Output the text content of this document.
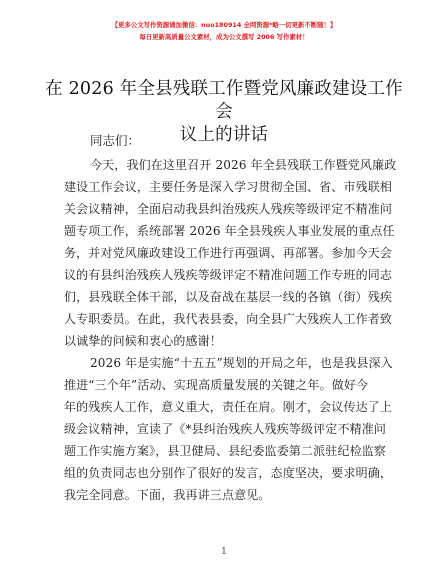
【更多公文写作资源请加微信：nuo180914 全网资源*略一切更新不断随！】
每日更新高质量公文素材，成为公文撰写 2006 写作素材！
在 2026 年全县残联工作暨党风廉政建设工作会
议上的讲话
同志们：
今天，我们在这里召开 2026 年全县残联工作暨党风廉政
建设工作会议，主要任务是深入学习贯彻全国、省、市残联相
关会议精神，全面启动我县纠治残疾人残疾等级评定不精准问
题专项工作，系统部署 2026 年全县残疾人事业发展的重点任
务，并对党风廉政建设工作进行再强调、再部署。参加今天会
议的有县纠治残疾人残疾等级评定不精准问题工作专班的同志
们，县残联全体干部，以及奋战在基层一线的各镇（街）残疾
人专职委员。在此，我代表县委，向全县广大残疾人工作者致
以诚挚的问候和衷心的感谢！
2026 年是实施“十五五”规划的开局之年，也是我县深入
推进“三个年”活动、实现高质量发展的关键之年。做好今
年的残疾人工作，意义重大，责任在肩。刚才，会议传达了上
级会议精神，宣读了《*县纠治残疾人残疾等级评定不精准问
题工作实施方案》，县卫健局、县纪委监委第二派驻纪检监察
组的负责同志也分别作了很好的发言，态度坚决，要求明确，
我完全同意。下面，我再讲三点意见。
1
